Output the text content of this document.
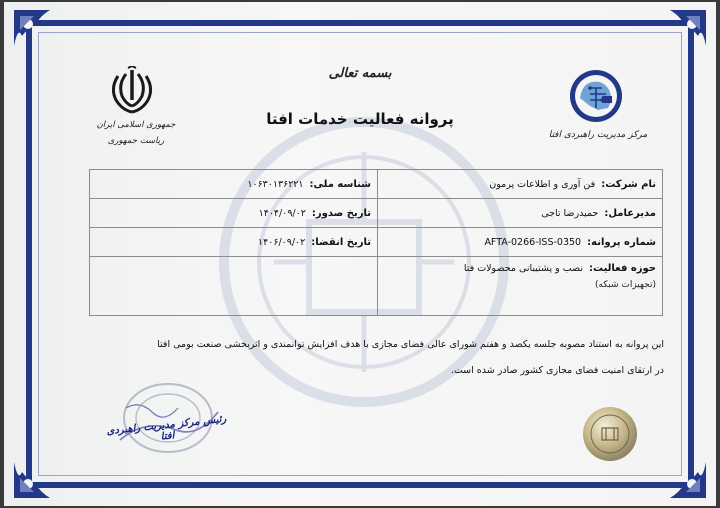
بسمه تعالی
پروانه فعالیت خدمات افتا
جمهوری اسلامی ایران
ریاست جمهوری
مرکز مدیریت راهبردی افتا
نام شرکت: فن آوری و اطلاعات پرمون	شناسه ملی: ۱۰۶۳۰۱۳۶۲۲۱
مدیرعامل: حمیدرضا تاجی	تاریخ صدور: ۱۴۰۴/۰۹/۰۲
شماره پروانه: AFTA-0266-ISS-0350	تاریخ انقضا: ۱۴۰۶/۰۹/۰۲
حوزه فعالیت: نصب و پشتیبانی محصولات فتا
(تجهیزات شبکه)	

این پروانه به استناد مصوبه جلسه یکصد و هفتم شورای عالی فضای مجازی با هدف افزایش توانمندی و اثربخشی صنعت بومی افتا
در ارتقای امنیت فضای مجازی کشور صادر شده است.
رئیس مرکز مدیریت راهبردی افتا
